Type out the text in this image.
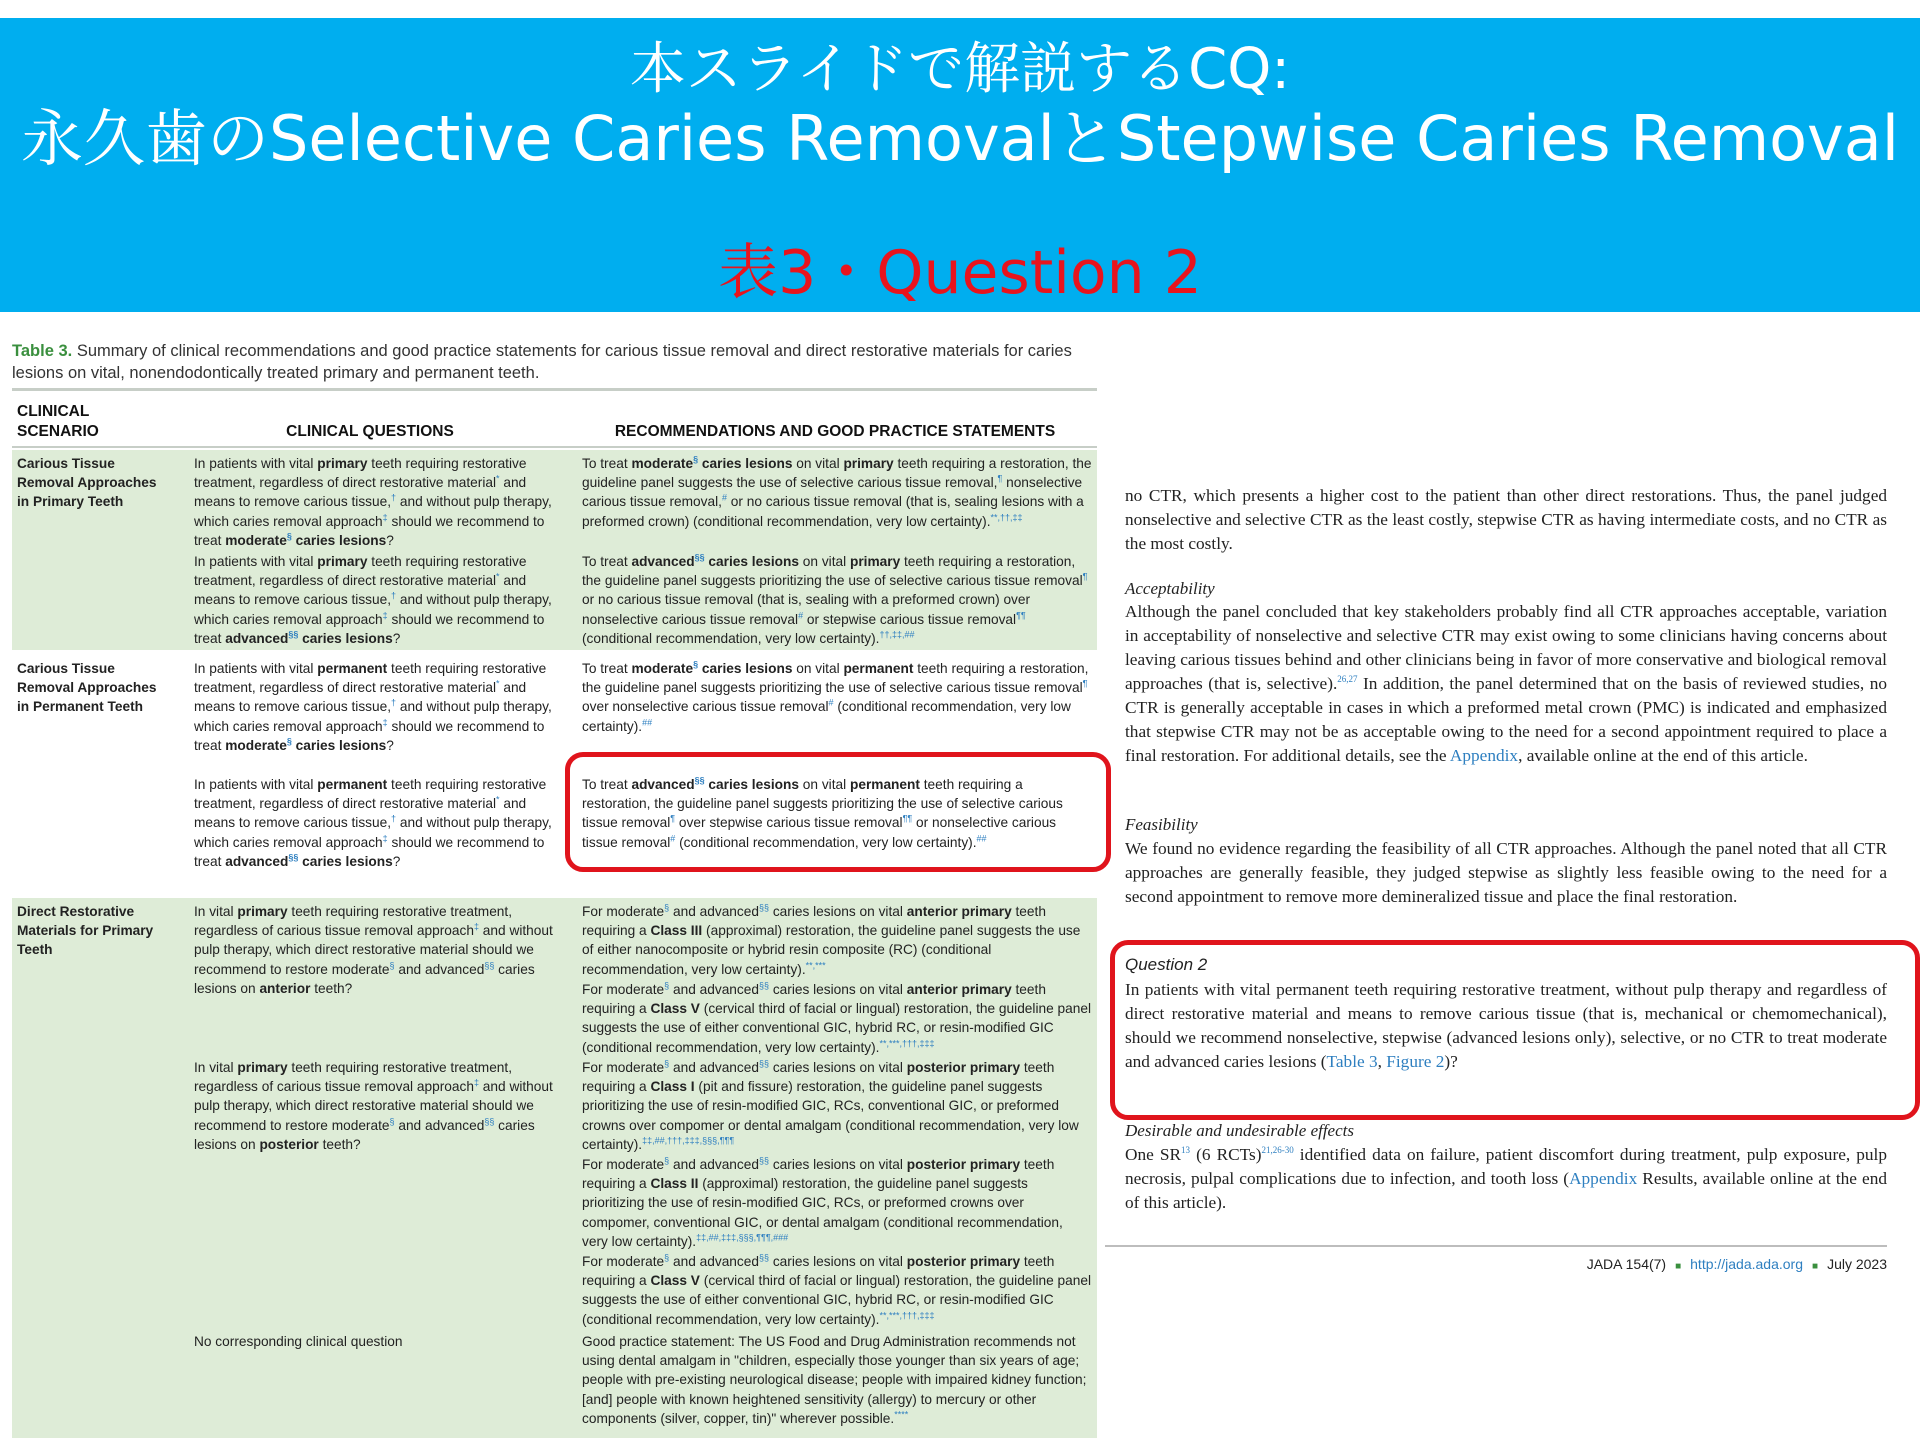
本スライドで解説するCQ:
永久歯のSelective Caries RemovalとStepwise Caries Removal
表3・Question 2
Table 3. Summary of clinical recommendations and good practice statements for carious tissue removal and direct restorative materials for caries lesions on vital, nonendodontically treated primary and permanent teeth.
CLINICAL SCENARIO	CLINICAL QUESTIONS	RECOMMENDATIONS AND GOOD PRACTICE STATEMENTS
Carious Tissue Removal Approaches in Primary Teeth
Carious Tissue Removal Approaches in Permanent Teeth
Direct Restorative Materials for Primary Teeth
In patients with vital primary teeth requiring restorative treatment, regardless of direct restorative material* and means to remove carious tissue,† and without pulp therapy, which caries removal approach‡ should we recommend to treat moderate§ caries lesions?
In patients with vital primary teeth requiring restorative treatment, regardless of direct restorative material* and means to remove carious tissue,† and without pulp therapy, which caries removal approach‡ should we recommend to treat advanced§§ caries lesions?
In patients with vital permanent teeth requiring restorative treatment, regardless of direct restorative material* and means to remove carious tissue,† and without pulp therapy, which caries removal approach‡ should we recommend to treat moderate§ caries lesions?
In patients with vital permanent teeth requiring restorative treatment, regardless of direct restorative material* and means to remove carious tissue,† and without pulp therapy, which caries removal approach‡ should we recommend to treat advanced§§ caries lesions?
In vital primary teeth requiring restorative treatment, regardless of carious tissue removal approach‡ and without pulp therapy, which direct restorative material should we recommend to restore moderate§ and advanced§§ caries lesions on anterior teeth?
In vital primary teeth requiring restorative treatment, regardless of carious tissue removal approach‡ and without pulp therapy, which direct restorative material should we recommend to restore moderate§ and advanced§§ caries lesions on posterior teeth?
No corresponding clinical question
To treat moderate§ caries lesions on vital primary teeth requiring a restoration, the guideline panel suggests the use of selective carious tissue removal,¶ nonselective carious tissue removal,# or no carious tissue removal (that is, sealing lesions with a preformed crown) (conditional recommendation, very low certainty).**,††,‡‡
To treat advanced§§ caries lesions on vital primary teeth requiring a restoration, the guideline panel suggests prioritizing the use of selective carious tissue removal¶ or no carious tissue removal (that is, sealing with a preformed crown) over nonselective carious tissue removal# or stepwise carious tissue removal¶¶ (conditional recommendation, very low certainty).††,‡‡,##
To treat moderate§ caries lesions on vital permanent teeth requiring a restoration, the guideline panel suggests prioritizing the use of selective carious tissue removal¶ over nonselective carious tissue removal# (conditional recommendation, very low certainty).##
To treat advanced§§ caries lesions on vital permanent teeth requiring a restoration, the guideline panel suggests prioritizing the use of selective carious tissue removal¶ over stepwise carious tissue removal¶¶ or nonselective carious tissue removal# (conditional recommendation, very low certainty).##
For moderate§ and advanced§§ caries lesions on vital anterior primary teeth requiring a Class III (approximal) restoration, the guideline panel suggests the use of either nanocomposite or hybrid resin composite (RC) (conditional recommendation, very low certainty).**,***
For moderate§ and advanced§§ caries lesions on vital anterior primary teeth requiring a Class V (cervical third of facial or lingual) restoration, the guideline panel suggests the use of either conventional GIC, hybrid RC, or resin-modified GIC (conditional recommendation, very low certainty).**,***,†††,‡‡‡
For moderate§ and advanced§§ caries lesions on vital posterior primary teeth requiring a Class I (pit and fissure) restoration, the guideline panel suggests prioritizing the use of resin-modified GIC, RCs, conventional GIC, or preformed crowns over compomer or dental amalgam (conditional recommendation, very low certainty).‡‡,##,†††,‡‡‡,§§§,¶¶¶
For moderate§ and advanced§§ caries lesions on vital posterior primary teeth requiring a Class II (approximal) restoration, the guideline panel suggests prioritizing the use of resin-modified GIC, RCs, or preformed crowns over compomer, conventional GIC, or dental amalgam (conditional recommendation, very low certainty).‡‡,##,‡‡‡,§§§,¶¶¶,###
For moderate§ and advanced§§ caries lesions on vital posterior primary teeth requiring a Class V (cervical third of facial or lingual) restoration, the guideline panel suggests the use of either conventional GIC, hybrid RC, or resin-modified GIC (conditional recommendation, very low certainty).**,***,†††,‡‡‡
Good practice statement: The US Food and Drug Administration recommends not using dental amalgam in "children, especially those younger than six years of age; people with pre-existing neurological disease; people with impaired kidney function; [and] people with known heightened sensitivity (allergy) to mercury or other components (silver, copper, tin)" wherever possible.****
no CTR, which presents a higher cost to the patient than other direct restorations. Thus, the panel judged nonselective and selective CTR as the least costly, stepwise CTR as having intermediate costs, and no CTR as the most costly.
Acceptability
Although the panel concluded that key stakeholders probably find all CTR approaches acceptable, variation in acceptability of nonselective and selective CTR may exist owing to some clinicians having concerns about leaving carious tissues behind and other clinicians being in favor of more conservative and biological removal approaches (that is, selective).$^{26,27}$ In addition, the panel determined that on the basis of reviewed studies, no CTR is generally acceptable in cases in which a preformed metal crown (PMC) is indicated and emphasized that stepwise CTR may not be as acceptable owing to the need for a second appointment required to place a final restoration. For additional details, see the Appendix, available online at the end of this article.
Feasibility
We found no evidence regarding the feasibility of all CTR approaches. Although the panel noted that all CTR approaches are generally feasible, they judged stepwise as slightly less feasible owing to the need for a second appointment to remove more demineralized tissue and place the final restoration.
Question 2
In patients with vital permanent teeth requiring restorative treatment, without pulp therapy and regardless of direct restorative material and means to remove carious tissue (that is, mechanical or chemomechanical), should we recommend nonselective, stepwise (advanced lesions only), selective, or no CTR to treat moderate and advanced caries lesions (Table 3, Figure 2)?
Desirable and undesirable effects
One SR$^{13}$ (6 RCTs)$^{21,26-30}$ identified data on failure, patient discomfort during treatment, pulp exposure, pulp necrosis, pulpal complications due to infection, and tooth loss (Appendix Results, available online at the end of this article).
JADA 154(7) ■ http://jada.ada.org ■ July 2023
